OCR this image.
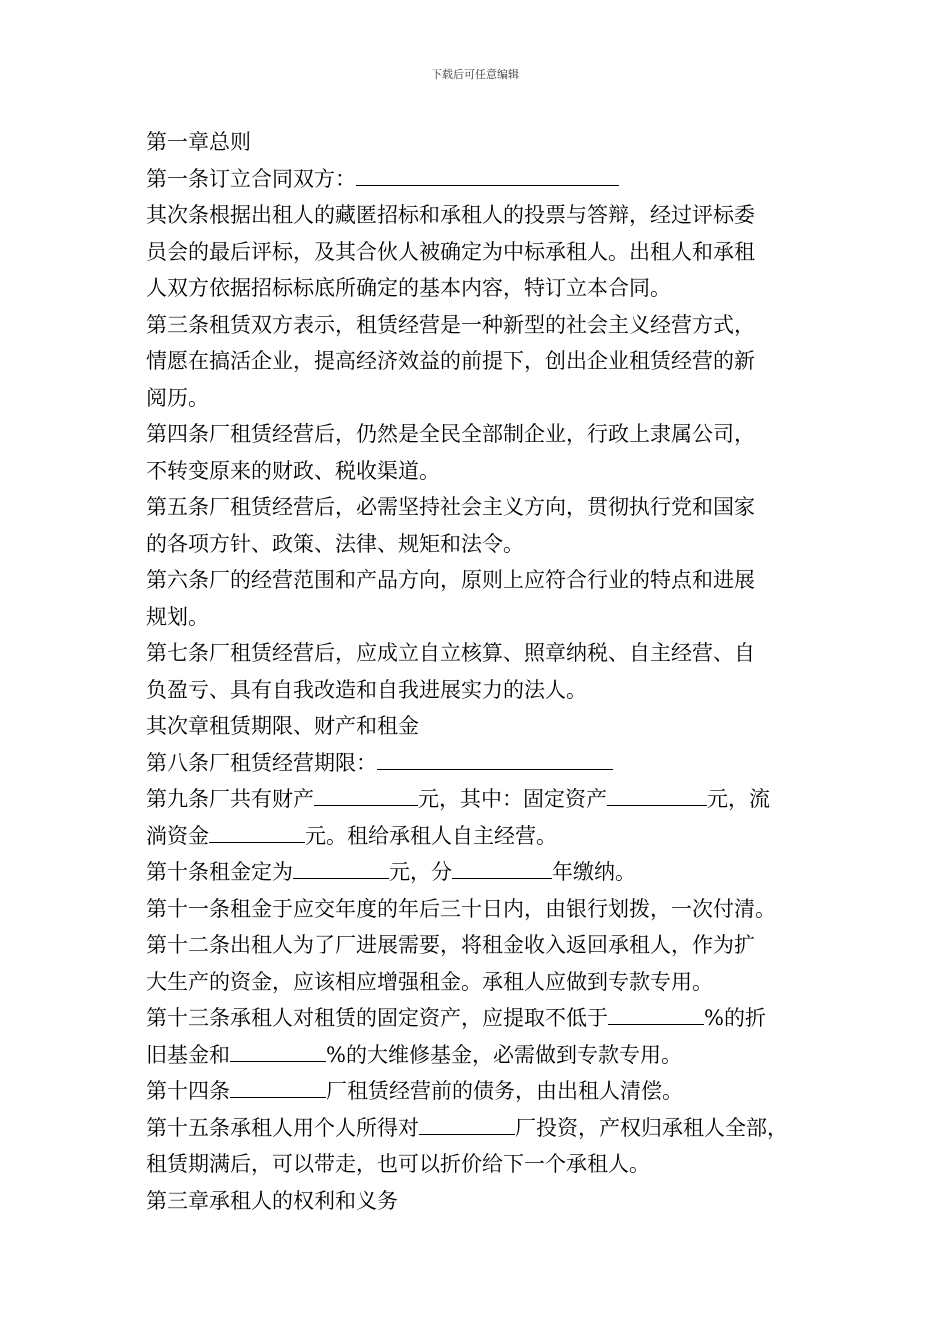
下载后可任意编辑
第一章总则
第一条订立合同双方：
其次条根据出租人的藏匿招标和承租人的投票与答辩，经过评标委
员会的最后评标，及其合伙人被确定为中标承租人。出租人和承租
人双方依据招标标底所确定的基本内容，特订立本合同。
第三条租赁双方表示，租赁经营是一种新型的社会主义经营方式，
情愿在搞活企业，提高经济效益的前提下，创出企业租赁经营的新
阅历。
第四条厂租赁经营后，仍然是全民全部制企业，行政上隶属公司，
不转变原来的财政、税收渠道。
第五条厂租赁经营后，必需坚持社会主义方向，贯彻执行党和国家
的各项方针、政策、法律、规矩和法令。
第六条厂的经营范围和产品方向，原则上应符合行业的特点和进展
规划。
第七条厂租赁经营后，应成立自立核算、照章纳税、自主经营、自
负盈亏、具有自我改造和自我进展实力的法人。
其次章租赁期限、财产和租金
第八条厂租赁经营期限：
第九条厂共有财产	元，其中：固定资产	元，流
淌资金	元。租给承租人自主经营。
第十条租金定为	元，分	年缴纳。
第十一条租金于应交年度的年后三十日内，由银行划拨，一次付清。
第十二条出租人为了厂进展需要，将租金收入返回承租人，作为扩
大生产的资金，应该相应增强租金。承租人应做到专款专用。
第十三条承租人对租赁的固定资产，应提取不低于	%的折
旧基金和	%的大维修基金，必需做到专款专用。
第十四条	厂租赁经营前的债务，由出租人清偿。
第十五条承租人用个人所得对	厂投资，产权归承租人全部，
租赁期满后，可以带走，也可以折价给下一个承租人。
第三章承租人的权利和义务
